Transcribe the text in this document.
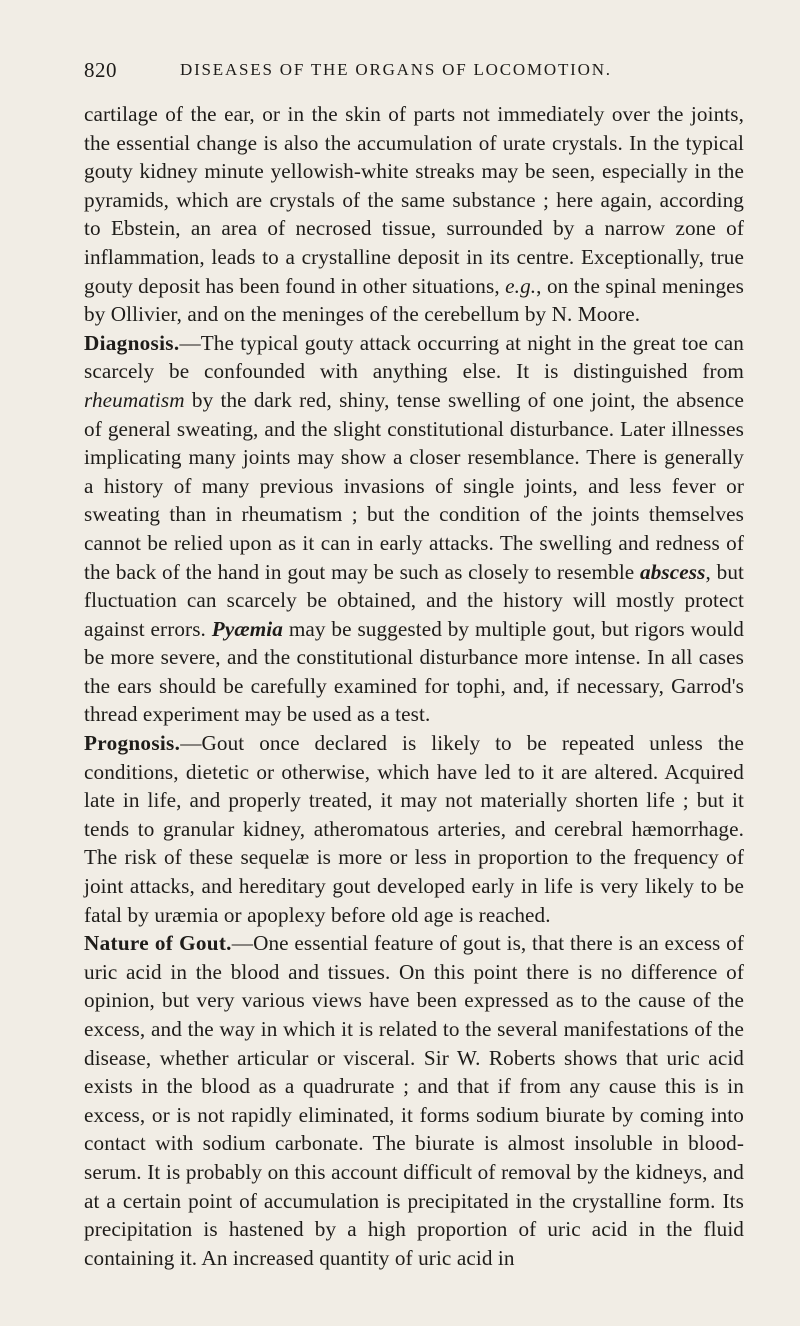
820	DISEASES OF THE ORGANS OF LOCOMOTION.

cartilage of the ear, or in the skin of parts not immediately over the joints, the essential change is also the accumulation of urate crystals. In the typical gouty kidney minute yellowish-white streaks may be seen, especially in the pyramids, which are crystals of the same substance ; here again, according to Ebstein, an area of necrosed tissue, surrounded by a narrow zone of inflammation, leads to a crystalline deposit in its centre. Exceptionally, true gouty deposit has been found in other situations, e.g., on the spinal meninges by Ollivier, and on the meninges of the cerebellum by N. Moore.

Diagnosis.—The typical gouty attack occurring at night in the great toe can scarcely be confounded with anything else. It is distinguished from rheumatism by the dark red, shiny, tense swelling of one joint, the absence of general sweating, and the slight constitutional disturbance. Later illnesses implicating many joints may show a closer resemblance. There is generally a history of many previous invasions of single joints, and less fever or sweating than in rheumatism ; but the condition of the joints themselves cannot be relied upon as it can in early attacks. The swelling and redness of the back of the hand in gout may be such as closely to resemble abscess, but fluctuation can scarcely be obtained, and the history will mostly protect against errors. Pyæmia may be suggested by multiple gout, but rigors would be more severe, and the constitutional disturbance more intense. In all cases the ears should be carefully examined for tophi, and, if necessary, Garrod's thread experiment may be used as a test.

Prognosis.—Gout once declared is likely to be repeated unless the conditions, dietetic or otherwise, which have led to it are altered. Acquired late in life, and properly treated, it may not materially shorten life ; but it tends to granular kidney, atheromatous arteries, and cerebral hæmorrhage. The risk of these sequelæ is more or less in proportion to the frequency of joint attacks, and hereditary gout developed early in life is very likely to be fatal by uræmia or apoplexy before old age is reached.

Nature of Gout.—One essential feature of gout is, that there is an excess of uric acid in the blood and tissues. On this point there is no difference of opinion, but very various views have been expressed as to the cause of the excess, and the way in which it is related to the several manifestations of the disease, whether articular or visceral. Sir W. Roberts shows that uric acid exists in the blood as a quadrurate ; and that if from any cause this is in excess, or is not rapidly eliminated, it forms sodium biurate by coming into contact with sodium carbonate. The biurate is almost insoluble in blood-serum. It is probably on this account difficult of removal by the kidneys, and at a certain point of accumulation is precipitated in the crystalline form. Its precipitation is hastened by a high proportion of uric acid in the fluid containing it. An increased quantity of uric acid in
